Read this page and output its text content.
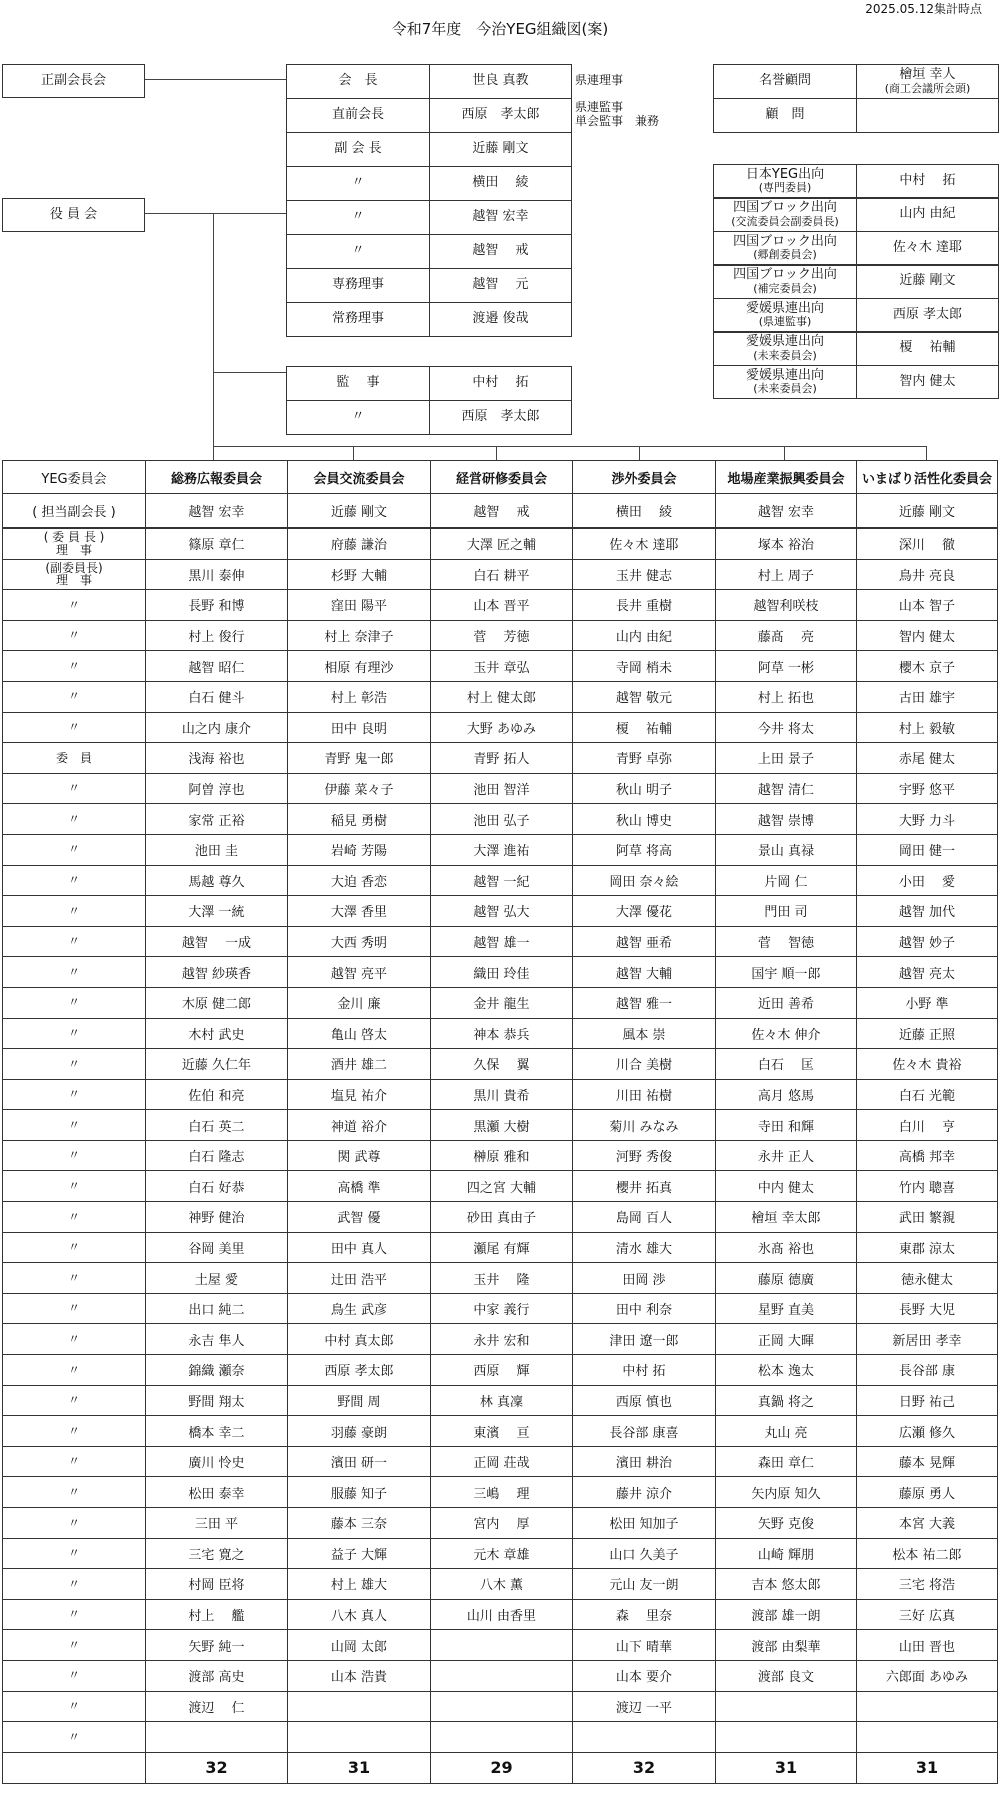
2025.05.12集計時点
令和7年度　今治YEG組織図(案)
正副会長会
役 員 会
会　長	世良 真教	県連理事
直前会長	西原　孝太郎
県連監事
単会監事　兼務
副 会 長	近藤 剛文
〃	横田　 綾
〃	越智 宏幸
〃	越智　 戒
専務理事	越智　 元
常務理事	渡邉 俊哉
監　 事	中村　 拓
〃	西原　孝太郎
名誉顧問	檜垣 幸人
(商工会議所会頭)
顧　問
日本YEG出向
(専門委員)	中村　 拓
四国ブロック出向
(交流委員会副委員長)	山内 由紀
四国ブロック出向
(郷創委員会)	佐々木 達耶
四国ブロック出向
(補完委員会)	近藤 剛文
愛媛県連出向
(県連監事)	西原 孝太郎
愛媛県連出向
(未来委員会)	榎　 祐輔
愛媛県連出向
(未来委員会)	智内 健太
YEG委員会	総務広報委員会	会員交流委員会	経営研修委員会	渉外委員会	地場産業振興委員会	いまばり活性化委員会
( 担当副会長 )	越智 宏幸	近藤 剛文	越智　 戒	横田　 綾	越智 宏幸	近藤 剛文
( 委 員 長 )
理　事	篠原 章仁	府藤 謙治	大澤 匠之輔	佐々木 達耶	塚本 裕治	深川　 徹
(副委員長)
理　事	黒川 泰伸	杉野 大輔	白石 耕平	玉井 健志	村上 周子	鳥井 亮良
〃	長野 和博	窪田 陽平	山本 晋平	長井 重樹	越智利咲枝	山本 智子
〃	村上 俊行	村上 奈津子	菅　 芳徳	山内 由紀	藤髙　 亮	智内 健太
〃	越智 昭仁	相原 有理沙	玉井 章弘	寺岡 梢未	阿草 一彬	櫻木 京子
〃	白石 健斗	村上 彰浩	村上 健太郎	越智 敬元	村上 拓也	古田 雄宇
〃	山之内 康介	田中 良明	大野 あゆみ	榎　 祐輔	今井 将太	村上 毅敏
委　員	浅海 裕也	青野 鬼一郎	青野 拓人	青野 卓弥	上田 景子	赤尾 健太
〃	阿曽 淳也	伊藤 菜々子	池田 智洋	秋山 明子	越智 清仁	宇野 悠平
〃	家常 正裕	稲見 勇樹	池田 弘子	秋山 博史	越智 崇博	大野 力斗
〃	池田 圭	岩崎 芳陽	大澤 進祐	阿草 将高	景山 真禄	岡田 健一
〃	馬越 尊久	大迫 香恋	越智 一紀	岡田 奈々絵	片岡 仁	小田　 愛
〃	大澤 一統	大澤 香里	越智 弘大	大澤 優花	門田 司	越智 加代
〃	越智　 一成	大西 秀明	越智 雄一	越智 亜希	菅　 智徳	越智 妙子
〃	越智 紗瑛香	越智 亮平	織田 玲佳	越智 大輔	国宇 順一郎	越智 亮太
〃	木原 健二郎	金川 廉	金井 龍生	越智 雅一	近田 善希	小野 準
〃	木村 武史	亀山 啓太	神本 恭兵	風本 崇	佐々木 伸介	近藤 正照
〃	近藤 久仁年	酒井 雄二	久保　 翼	川合 美樹	白石　 匡	佐々木 貴裕
〃	佐伯 和亮	塩見 祐介	黒川 貴希	川田 祐樹	高月 悠馬	白石 光範
〃	白石 英二	神道 裕介	黒瀬 大樹	菊川 みなみ	寺田 和輝	白川　 亨
〃	白石 隆志	関 武尊	榊原 雅和	河野 秀俊	永井 正人	高橋 邦幸
〃	白石 好恭	高橋 準	四之宮 大輔	櫻井 拓真	中内 健太	竹内 聰喜
〃	神野 健治	武智 優	砂田 真由子	島岡 百人	檜垣 幸太郎	武田 繁親
〃	谷岡 美里	田中 真人	瀬尾 有輝	清水 雄大	氷髙 裕也	東郡 涼太
〃	土屋 愛	辻田 浩平	玉井　 隆	田岡 渉	藤原 德廣	徳永健太
〃	出口 純二	鳥生 武彦	中家 義行	田中 利奈	星野 直美	長野 大児
〃	永吉 隼人	中村 真太郎	永井 宏和	津田 遼一郎	正岡 大暉	新居田 孝幸
〃	錦織 瀬奈	西原 孝太郎	西原　 輝	中村 拓	松本 逸太	長谷部 康
〃	野間 翔太	野間 周	林 真凜	西原 慎也	真鍋 将之	日野 祐己
〃	橋本 幸二	羽藤 豪朗	東濱　 亘	長谷部 康喜	丸山 亮	広瀬 修久
〃	廣川 怜史	濱田 研一	正岡 荘哉	濱田 耕治	森田 章仁	藤本 晃輝
〃	松田 泰幸	服藤 知子	三嶋　 理	藤井 涼介	矢内原 知久	藤原 勇人
〃	三田 平	藤本 三奈	宮内　 厚	松田 知加子	矢野 克俊	本宮 大義
〃	三宅 寛之	益子 大輝	元木 章雄	山口 久美子	山崎 輝朋	松本 祐二郎
〃	村岡 臣将	村上 雄大	八木 薫	元山 友一朗	吉本 悠太郎	三宅 将浩
〃	村上　 艦	八木 真人	山川 由香里	森　 里奈	渡部 雄一朗	三好 広真
〃	矢野 純一	山岡 太郎		山下 晴華	渡部 由梨華	山田 晋也
〃	渡部 高史	山本 浩貴		山本 要介	渡部 良文	六郎面 あゆみ
〃	渡辺　 仁			渡辺 一平		
〃						
	32	31	29	32	31	31
